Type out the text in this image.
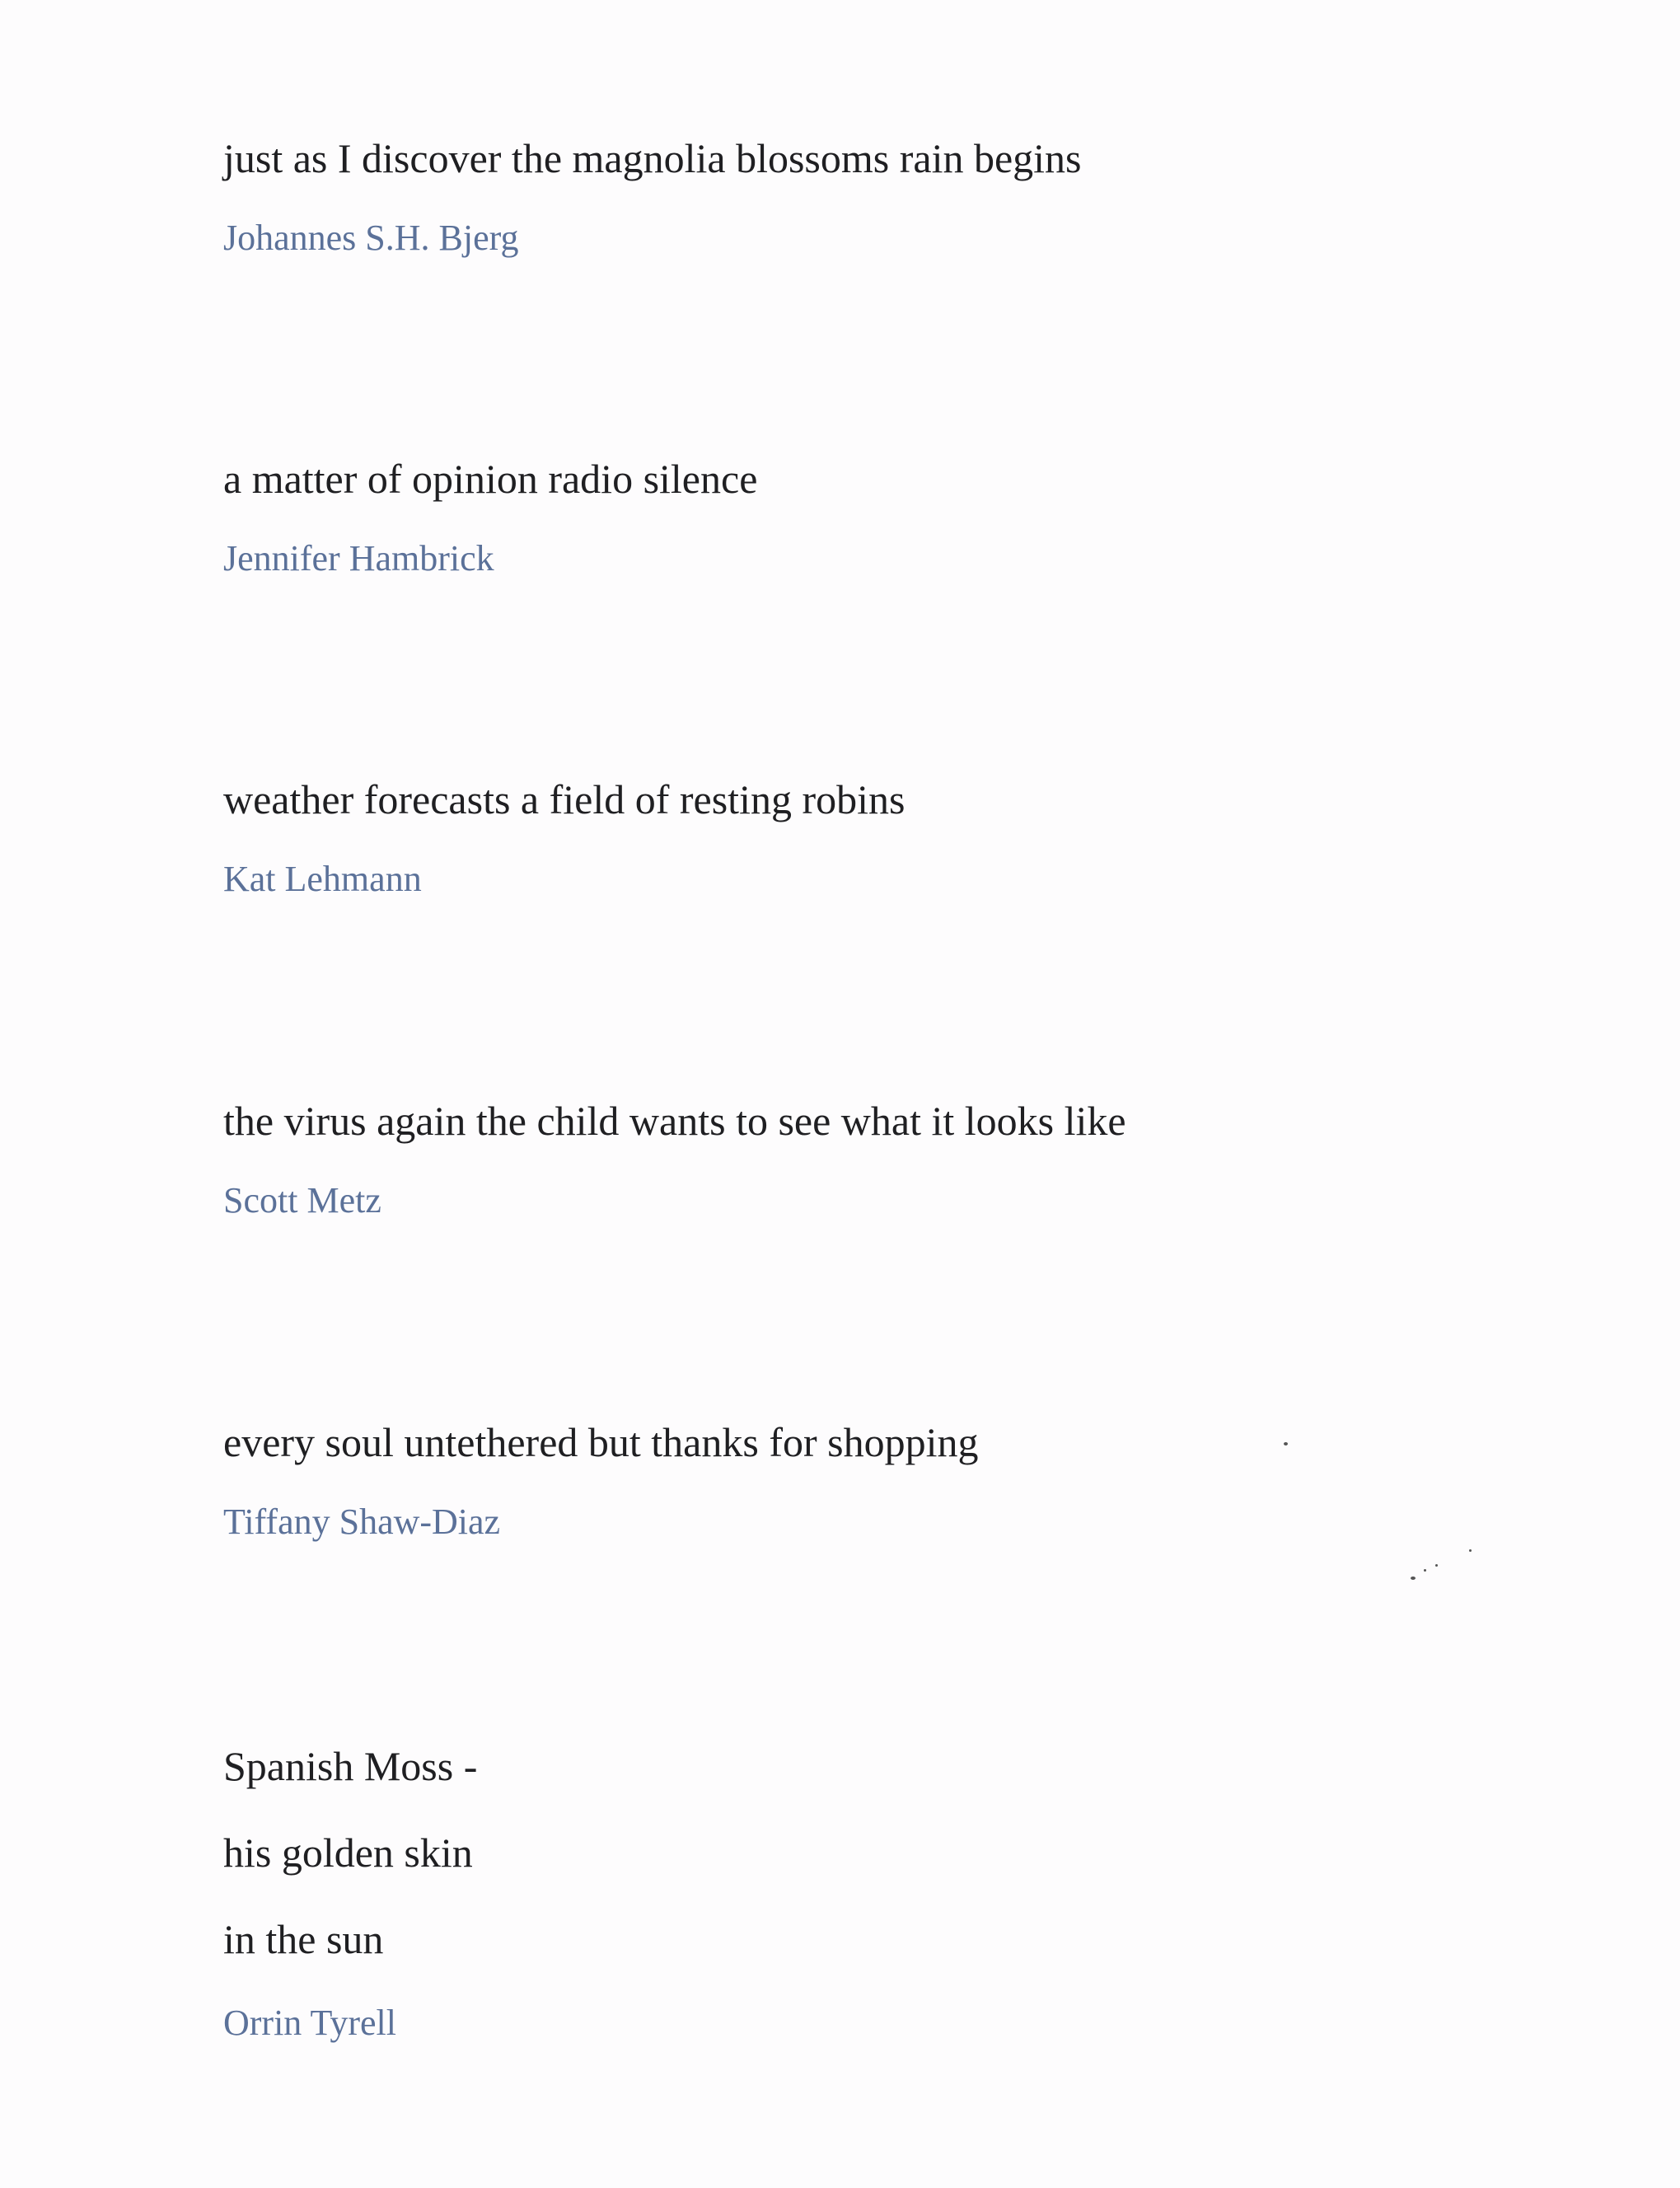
just as I discover the magnolia blossoms rain begins
Johannes S.H. Bjerg
a matter of opinion radio silence
Jennifer Hambrick
weather forecasts a field of resting robins
Kat Lehmann
the virus again the child wants to see what it looks like
Scott Metz
every soul untethered but thanks for shopping
Tiffany Shaw-Diaz
Spanish Moss -
his golden skin
in the sun
Orrin Tyrell
